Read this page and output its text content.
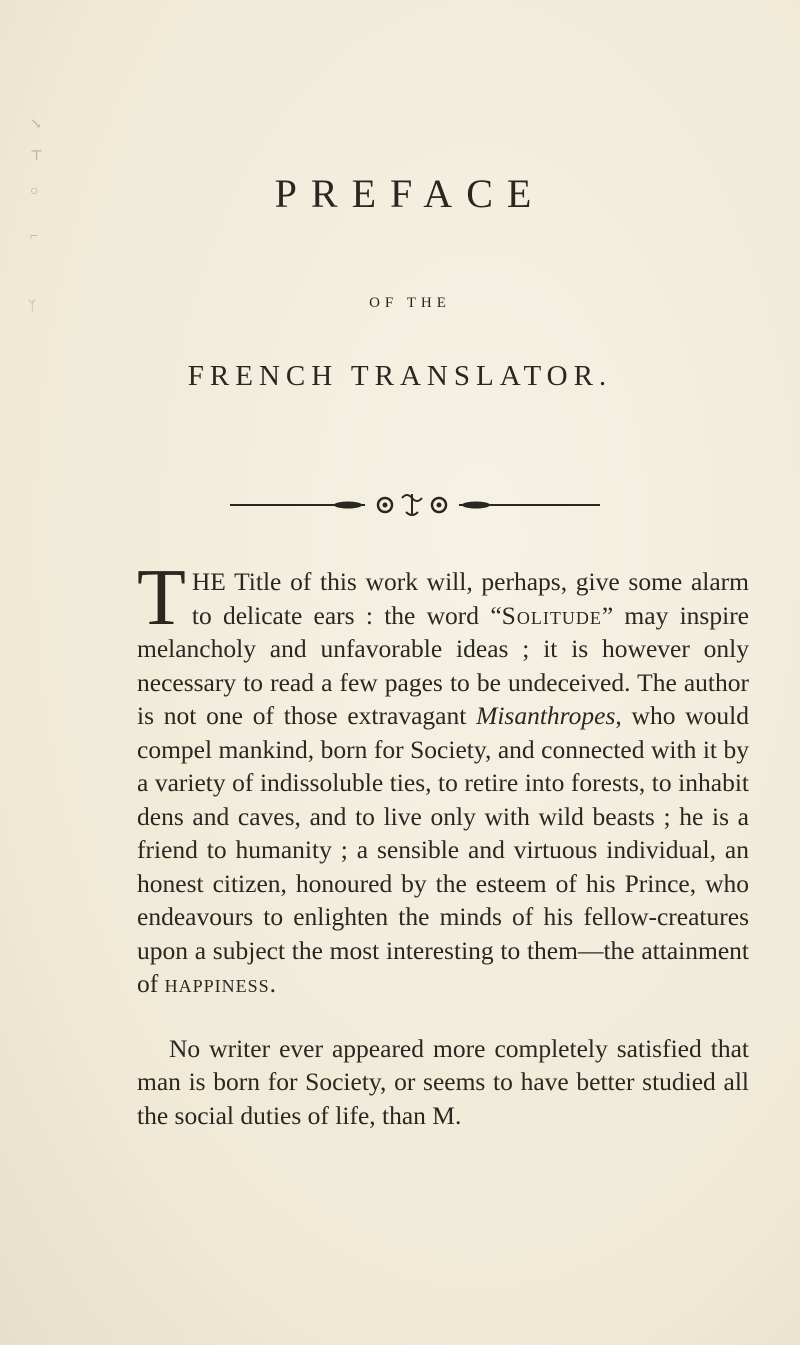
↘
⊤
○
⌐
ᛘ
PREFACE
OF THE
FRENCH TRANSLATOR.

THE Title of this work will, perhaps, give some alarm to delicate ears : the word “Solitude” may inspire melancholy and unfavorable ideas ; it is however only necessary to read a few pages to be undeceived. The author is not one of those extravagant Misanthropes, who would compel mankind, born for Society, and connected with it by a variety of indissoluble ties, to retire into forests, to inhabit dens and caves, and to live only with wild beasts ; he is a friend to humanity ; a sensible and virtuous individual, an honest citizen, honoured by the esteem of his Prince, who endeavours to enlighten the minds of his fellow-creatures upon a subject the most interesting to them—the attainment of happiness.

No writer ever appeared more completely satisfied that man is born for Society, or seems to have better studied all the social duties of life, than M.
